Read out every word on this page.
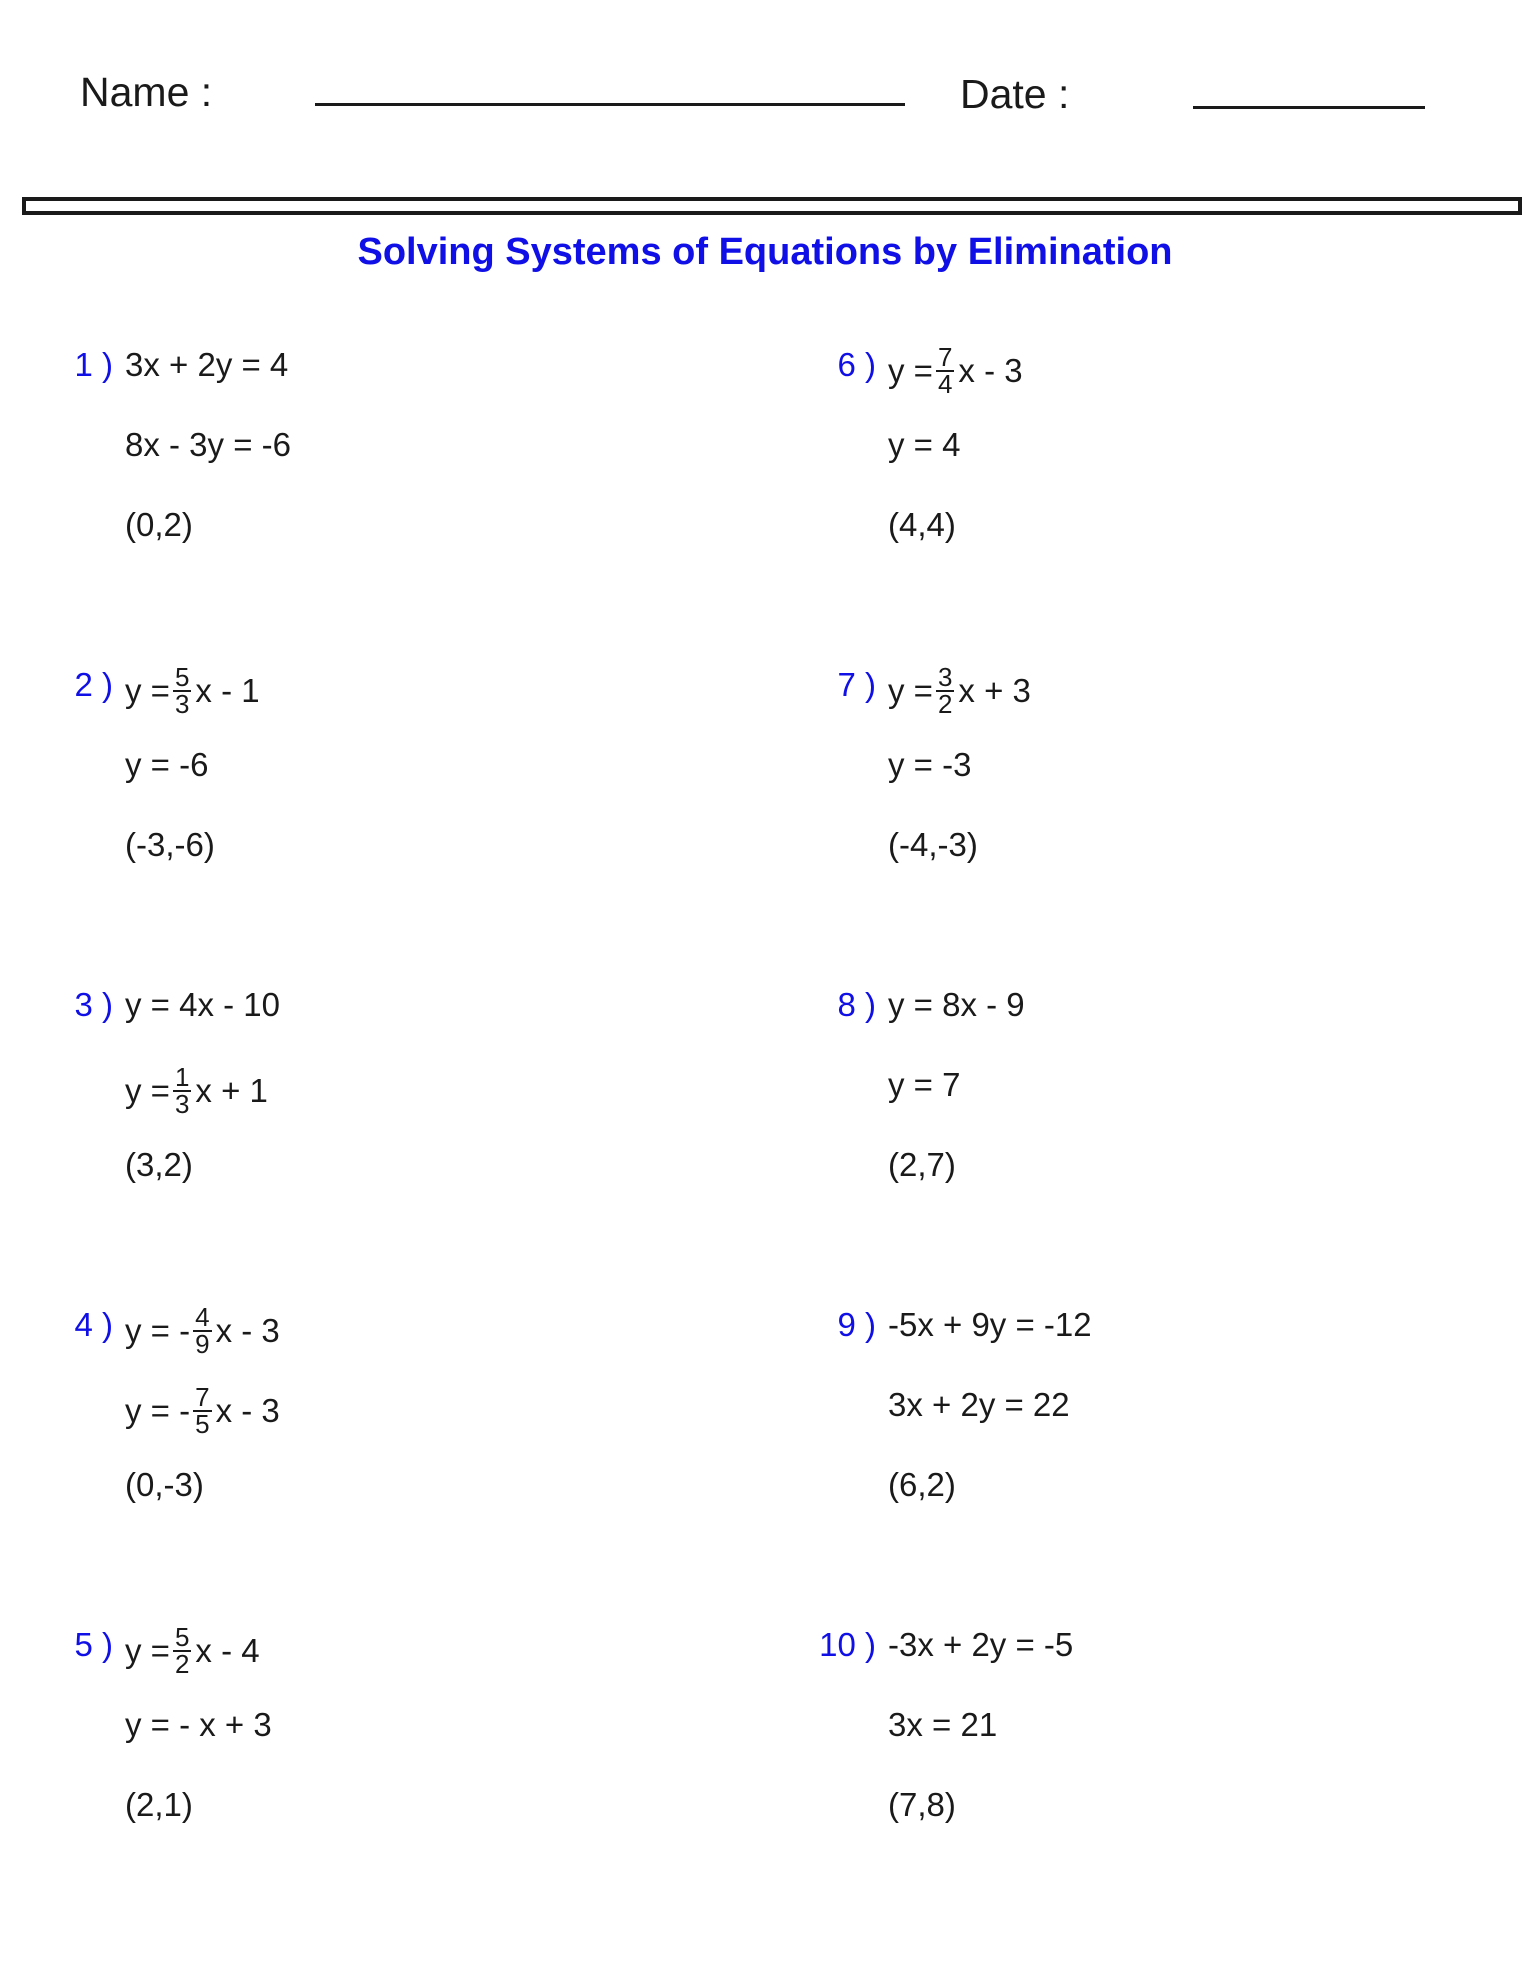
Name :	Date :
Solving Systems of Equations by Elimination
1 ) 3x + 2y = 4
8x - 3y = -6
(0,2)
2 ) $y = \frac{5}{3}$ x - 1
y = -6
(-3,-6)
3 ) y = 4x - 10
$y = \frac{1}{3}$ x + 1
(3,2)
4 ) y = - $\frac{4}{9}$ x - 3
y = - $\frac{7}{5}$ x - 3
(0,-3)
5 ) $y = \frac{5}{2}$ x - 4
y = - x + 3
(2,1)
6 ) $y = \frac{7}{4}$ x - 3
y = 4
(4,4)
7 ) $y = \frac{3}{2}$ x + 3
y = -3
(-4,-3)
8 ) y = 8x - 9
y = 7
(2,7)
9 ) -5x + 9y = -12
3x + 2y = 22
(6,2)
10 ) -3x + 2y = -5
3x = 21
(7,8)
